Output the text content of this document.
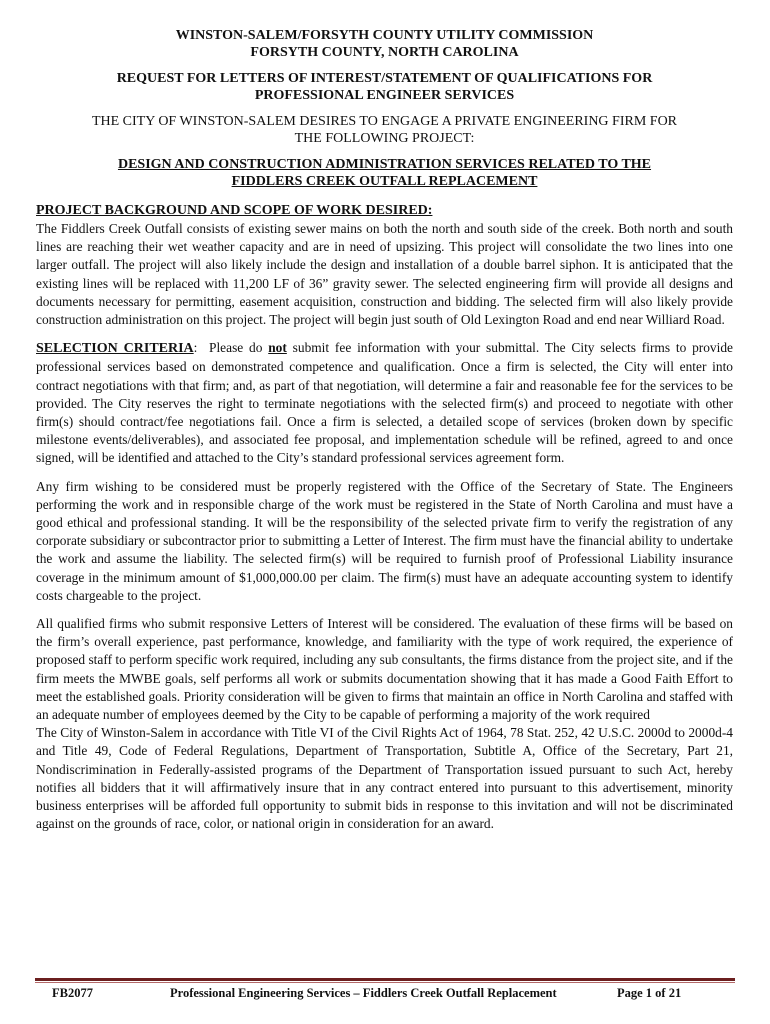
WINSTON-SALEM/FORSYTH COUNTY UTILITY COMMISSION
FORSYTH COUNTY, NORTH CAROLINA
REQUEST FOR LETTERS OF INTEREST/STATEMENT OF QUALIFICATIONS FOR
PROFESSIONAL ENGINEER SERVICES
THE CITY OF WINSTON-SALEM DESIRES TO ENGAGE A PRIVATE ENGINEERING FIRM FOR
THE FOLLOWING PROJECT:
DESIGN AND CONSTRUCTION ADMINISTRATION SERVICES RELATED TO THE
FIDDLERS CREEK OUTFALL REPLACEMENT
PROJECT BACKGROUND AND SCOPE OF WORK DESIRED:

The Fiddlers Creek Outfall consists of existing sewer mains on both the north and south side of the creek. Both north and south lines are reaching their wet weather capacity and are in need of upsizing. This project will consolidate the two lines into one larger outfall. The project will also likely include the design and installation of a double barrel siphon. It is anticipated that the existing lines will be replaced with 11,200 LF of 36” gravity sewer. The selected engineering firm will provide all designs and documents necessary for permitting, easement acquisition, construction and bidding. The selected firm will also likely provide construction administration on this project. The project will begin just south of Old Lexington Road and end near Williard Road.

SELECTION CRITERIA: Please do not submit fee information with your submittal. The City selects firms to provide professional services based on demonstrated competence and qualification. Once a firm is selected, the City will enter into contract negotiations with that firm; and, as part of that negotiation, will determine a fair and reasonable fee for the services to be provided. The City reserves the right to terminate negotiations with the selected firm(s) and proceed to negotiate with other firm(s) should contract/fee negotiations fail. Once a firm is selected, a detailed scope of services (broken down by specific milestone events/deliverables), and associated fee proposal, and implementation schedule will be refined, agreed to and once signed, will be identified and attached to the City’s standard professional services agreement form.

Any firm wishing to be considered must be properly registered with the Office of the Secretary of State. The Engineers performing the work and in responsible charge of the work must be registered in the State of North Carolina and must have a good ethical and professional standing. It will be the responsibility of the selected private firm to verify the registration of any corporate subsidiary or subcontractor prior to submitting a Letter of Interest. The firm must have the financial ability to undertake the work and assume the liability. The selected firm(s) will be required to furnish proof of Professional Liability insurance coverage in the minimum amount of $1,000,000.00 per claim. The firm(s) must have an adequate accounting system to identify costs chargeable to the project.

All qualified firms who submit responsive Letters of Interest will be considered. The evaluation of these firms will be based on the firm’s overall experience, past performance, knowledge, and familiarity with the type of work required, the experience of proposed staff to perform specific work required, including any sub consultants, the firms distance from the project site, and if the firm meets the MWBE goals, self performs all work or submits documentation showing that it has made a Good Faith Effort to meet the established goals. Priority consideration will be given to firms that maintain an office in North Carolina and staffed with an adequate number of employees deemed by the City to be capable of performing a majority of the work required

The City of Winston-Salem in accordance with Title VI of the Civil Rights Act of 1964, 78 Stat. 252, 42 U.S.C. 2000d to 2000d-4 and Title 49, Code of Federal Regulations, Department of Transportation, Subtitle A, Office of the Secretary, Part 21, Nondiscrimination in Federally-assisted programs of the Department of Transportation issued pursuant to such Act, hereby notifies all bidders that it will affirmatively insure that in any contract entered into pursuant to this advertisement, minority business enterprises will be afforded full opportunity to submit bids in response to this invitation and will not be discriminated against on the grounds of race, color, or national origin in consideration for an award.

FB2077	Professional Engineering Services – Fiddlers Creek Outfall Replacement	Page 1 of 21
